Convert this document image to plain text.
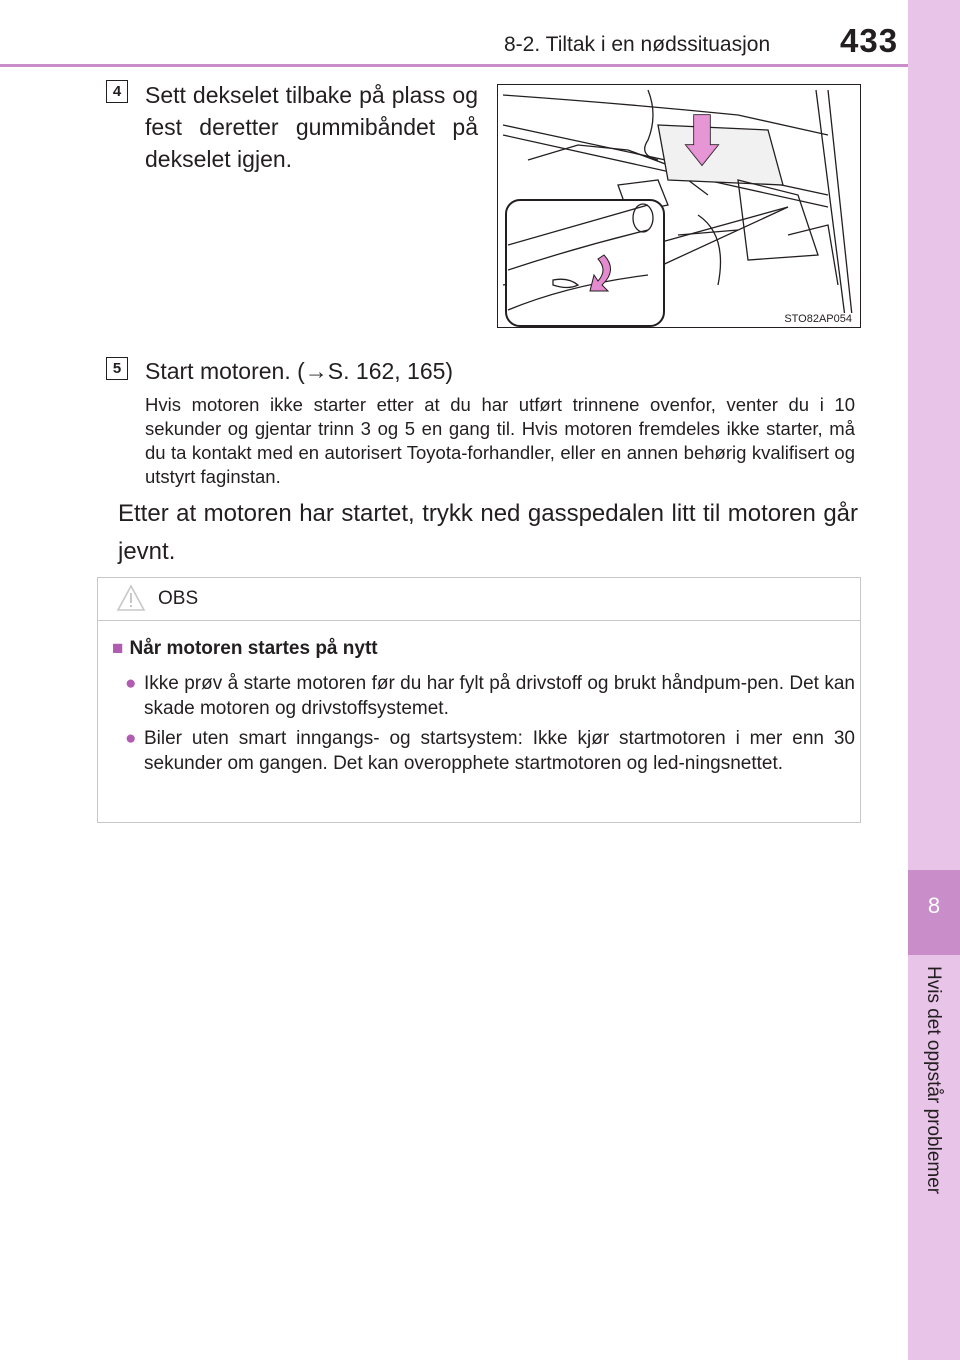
8-2. Tiltak i en nødssituasjon 433
8
Hvis det oppstår problemer
4 Sett dekselet tilbake på plass og fest deretter gummibåndet på dekselet igjen.
STO82AP054
5 Start motoren. (→S. 162, 165)
Hvis motoren ikke starter etter at du har utført trinnene ovenfor, venter du i 10 sekunder og gjentar trinn 3 og 5 en gang til. Hvis motoren fremdeles ikke starter, må du ta kontakt med en autorisert Toyota-forhandler, eller en annen behørig kvalifisert og utstyrt faginstan.
Etter at motoren har startet, trykk ned gasspedalen litt til motoren går jevnt.
OBS
■ Når motoren startes på nytt
● Ikke prøv å starte motoren før du har fylt på drivstoff og brukt håndpum-pen. Det kan skade motoren og drivstoffsystemet.
● Biler uten smart inngangs- og startsystem: Ikke kjør startmotoren i mer enn 30 sekunder om gangen. Det kan overopphete startmotoren og led-ningsnettet.
